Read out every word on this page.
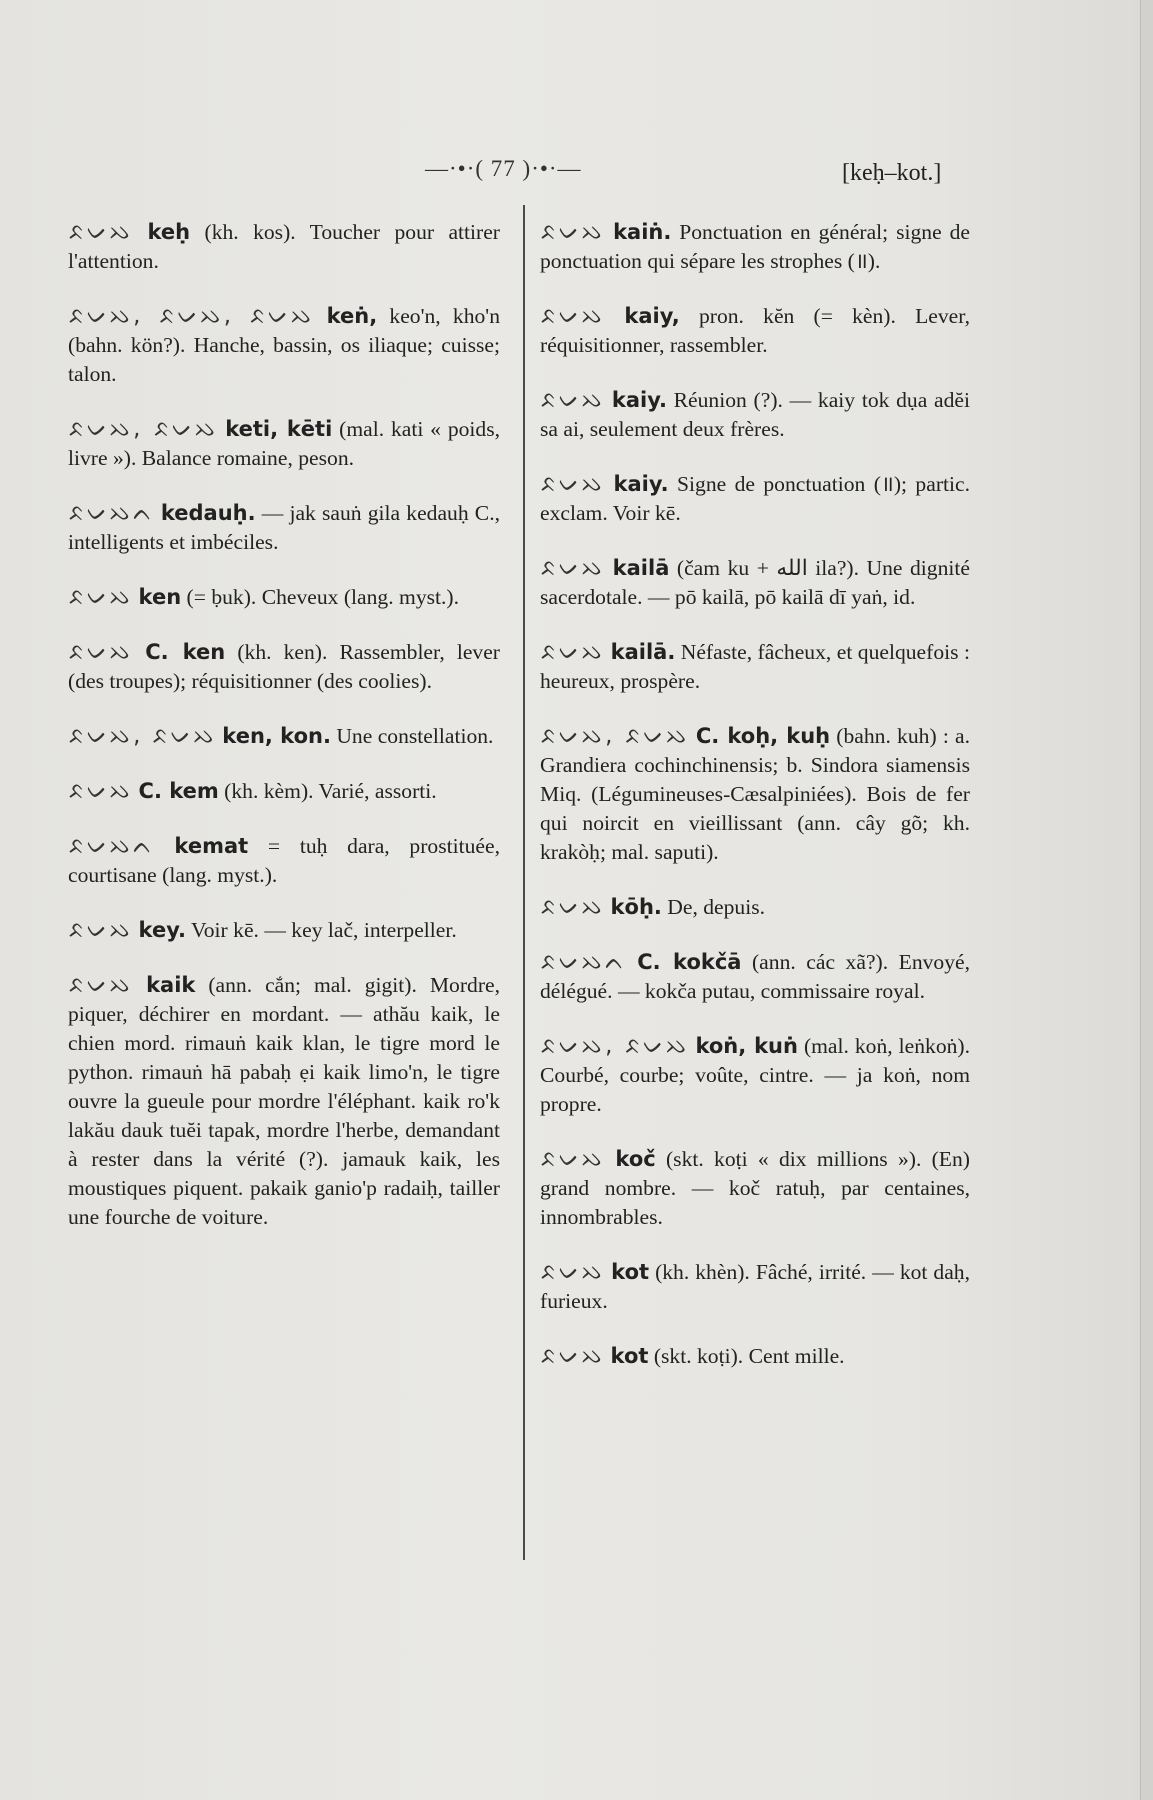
—·•·( 77 )·•·—	[keḥ–kot.]
ᨅᨆᨇ keḥ (kh. kos). Toucher pour attirer l'attention.
ᨅᨆᨇ, ᨅᨆᨇ, ᨅᨆᨇ keṅ, keo'n, kho'n (bahn. kön?). Hanche, bassin, os iliaque; cuisse; talon.
ᨅᨆᨇ, ᨅᨆᨇ keti, kēti (mal. kati « poids, livre »). Balance romaine, peson.
ᨅᨆᨇᨈ kedauḥ. — jak sauṅ gila kedauḥ C., intelligents et imbéciles.
ᨅᨆᨇ ken (= ḅuk). Cheveux (lang. myst.).
ᨅᨆᨇ C. ken (kh. ken). Rassembler, lever (des troupes); réquisitionner (des coolies).
ᨅᨆᨇ, ᨅᨆᨇ ken, kon. Une constellation.
ᨅᨆᨇ C. kem (kh. kèm). Varié, assorti.
ᨅᨆᨇᨈ kemat = tuḥ dara, prostituée, courtisane (lang. myst.).
ᨅᨆᨇ key. Voir kē. — key lač, interpeller.
ᨅᨆᨇ kaik (ann. cắn; mal. gigit). Mordre, piquer, déchirer en mordant. — athău kaik, le chien mord. rimauṅ kaik klan, le tigre mord le python. rimauṅ hā pabaḥ ẹi kaik limo'n, le tigre ouvre la gueule pour mordre l'éléphant. kaik ro'k lakău dauk tuĕi tapak, mordre l'herbe, demandant à rester dans la vérité (?). jamauk kaik, les moustiques piquent. pakaik ganio'p radaiḥ, tailler une fourche de voiture.
ᨅᨆᨇ kaiṅ. Ponctuation en général; signe de ponctuation qui sépare les strophes (॥).
ᨅᨆᨇ kaiy, pron. kĕn (= kèn). Lever, réquisitionner, rassembler.
ᨅᨆᨇ kaiy. Réunion (?). — kaiy tok dụa adĕi sa ai, seulement deux frères.
ᨅᨆᨇ kaiy. Signe de ponctuation (॥); partic. exclam. Voir kē.
ᨅᨆᨇ kailā (čam ku + الله ila?). Une dignité sacerdotale. — pō kailā, pō kailā dī yaṅ, id.
ᨅᨆᨇ kailā. Néfaste, fâcheux, et quelquefois : heureux, prospère.
ᨅᨆᨇ, ᨅᨆᨇ C. koḥ, kuḥ (bahn. kuh) : a. Grandiera cochinchinensis; b. Sindora siamensis Miq. (Légumineuses-Cæsalpiniées). Bois de fer qui noircit en vieillissant (ann. cây gõ; kh. krakòḥ; mal. saputi).
ᨅᨆᨇ kōḥ. De, depuis.
ᨅᨆᨇᨈ C. kokčā (ann. các xã?). Envoyé, délégué. — kokča putau, commissaire royal.
ᨅᨆᨇ, ᨅᨆᨇ koṅ, kuṅ (mal. koṅ, leṅkoṅ). Courbé, courbe; voûte, cintre. — ja koṅ, nom propre.
ᨅᨆᨇ koč (skt. koṭi « dix millions »). (En) grand nombre. — koč ratuḥ, par centaines, innombrables.
ᨅᨆᨇ kot (kh. khèn). Fâché, irrité. — kot daḥ, furieux.
ᨅᨆᨇ kot (skt. koṭi). Cent mille.
